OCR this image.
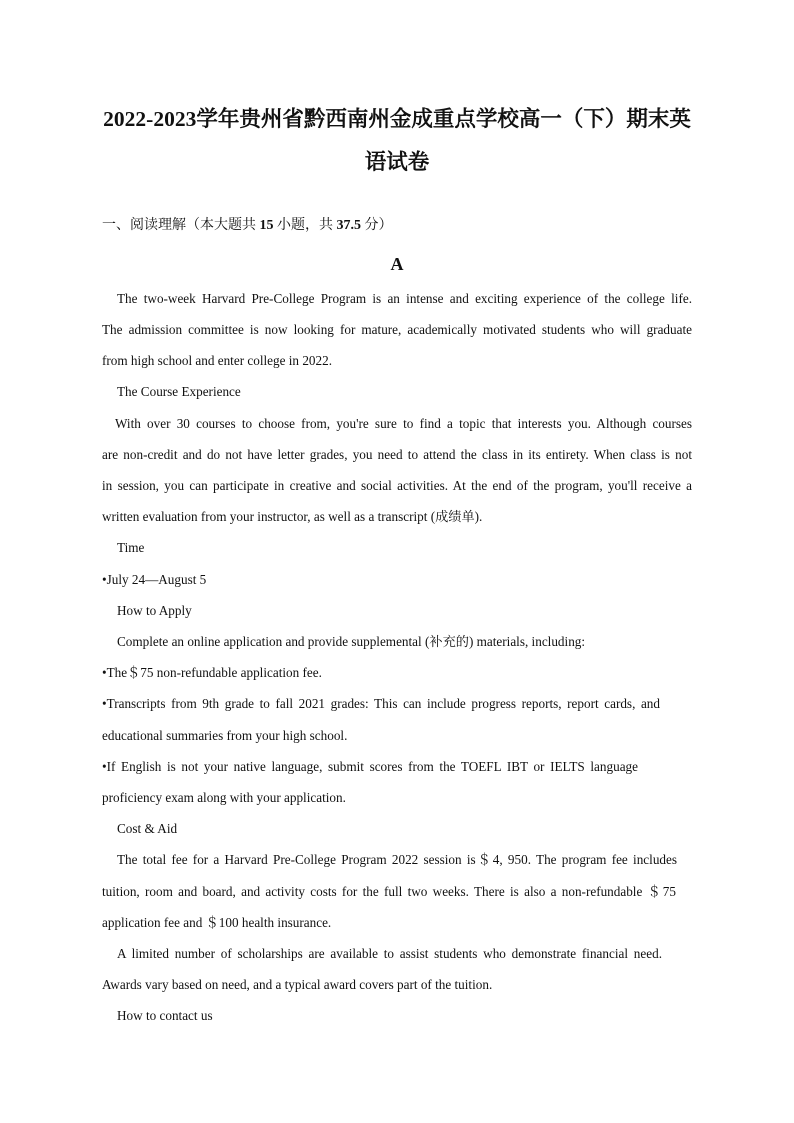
2022-2023学年贵州省黔西南州金成重点学校高一（下）期末英
语试卷
一、阅读理解（本大题共 15 小题，共 37.5 分）
A
The two-week Harvard Pre-College Program is an intense and exciting experience of the college life.
The admission committee is now looking for mature, academically motivated students who will graduate
from high school and enter college in 2022.
The Course Experience
With over 30 courses to choose from, you're sure to find a topic that interests you. Although courses
are non-credit and do not have letter grades, you need to attend the class in its entirety. When class is not
in session, you can participate in creative and social activities. At the end of the program, you'll receive a
written evaluation from your instructor, as well as a transcript (成绩单).
Time
•July 24—August 5
How to Apply
Complete an online application and provide supplemental (补充的) materials, including:
•The＄75 non-refundable application fee.
•Transcripts from 9th grade to fall 2021 grades: This can include progress reports, report cards, and
educational summaries from your high school.
•If English is not your native language, submit scores from the TOEFL IBT or IELTS language
proficiency exam along with your application.
Cost & Aid
The total fee for a Harvard Pre-College Program 2022 session is＄4, 950. The program fee includes
tuition, room and board, and activity costs for the full two weeks. There is also a non-refundable ＄75
application fee and ＄100 health insurance.
A limited number of scholarships are available to assist students who demonstrate financial need.
Awards vary based on need, and a typical award covers part of the tuition.
How to contact us
